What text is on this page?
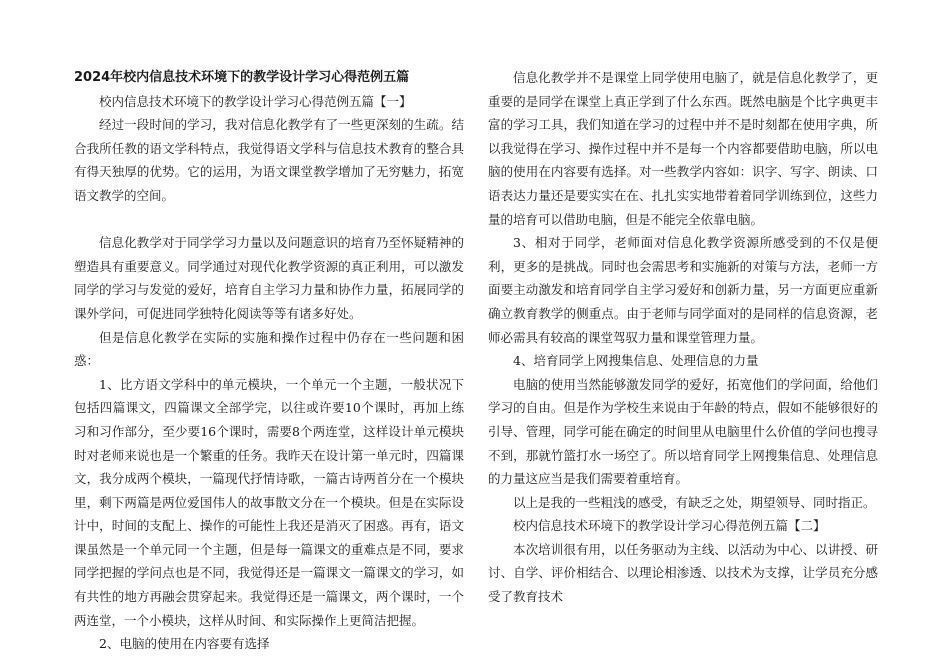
2024年校内信息技术环境下的教学设计学习心得范例五篇

校内信息技术环境下的教学设计学习心得范例五篇【一】

经过一段时间的学习，我对信息化教学有了一些更深刻的生疏。结合我所任教的语文学科特点，我觉得语文学科与信息技术教育的整合具有得天独厚的优势。它的运用，为语文课堂教学增加了无穷魅力，拓宽语文教学的空间。

信息化教学对于同学学习力量以及问题意识的培育乃至怀疑精神的塑造具有重要意义。同学通过对现代化教学资源的真正利用，可以激发同学的学习与发觉的爱好，培育自主学习力量和协作力量，拓展同学的课外学问，可促进同学独特化阅读等等有诸多好处。

但是信息化教学在实际的实施和操作过程中仍存在一些问题和困惑：

1、比方语文学科中的单元模块，一个单元一个主题，一般状况下包括四篇课文，四篇课文全部学完，以往或许要10个课时，再加上练习和习作部分，至少要16个课时，需要8个两连堂，这样设计单元模块时对老师来说也是一个繁重的任务。我昨天在设计第一单元时，四篇课文，我分成两个模块，一篇现代抒情诗歌，一篇古诗两首分在一个模块里，剩下两篇是两位爱国伟人的故事散文分在一个模块。但是在实际设计中，时间的支配上、操作的可能性上我还是消灭了困惑。再有，语文课虽然是一个单元同一个主题，但是每一篇课文的重难点是不同，要求同学把握的学问点也是不同，我觉得还是一篇课文一篇课文的学习，如有共性的地方再融会贯穿起来。我觉得还是一篇课文，两个课时，一个两连堂，一个小模块，这样从时间、和实际操作上更简洁把握。

2、电脑的使用在内容要有选择

信息化教学并不是课堂上同学使用电脑了，就是信息化教学了，更重要的是同学在课堂上真正学到了什么东西。既然电脑是个比字典更丰富的学习工具，我们知道在学习的过程中并不是时刻都在使用字典，所以我觉得在学习、操作过程中并不是每一个内容都要借助电脑，所以电脑的使用在内容要有选择。对一些教学内容如：识字、写字、朗读、口语表达力量还是要实实在在、扎扎实实地带着着同学训练到位，这些力量的培育可以借助电脑，但是不能完全依靠电脑。

3、相对于同学，老师面对信息化教学资源所感受到的不仅是便利，更多的是挑战。同时也会需思考和实施新的对策与方法，老师一方面要主动激发和培育同学自主学习爱好和创新力量，另一方面更应重新确立教育教学的侧重点。由于老师与同学面对的是同样的信息资源，老师必需具有较高的课堂驾驭力量和课堂管理力量。

4、培育同学上网搜集信息、处理信息的力量

电脑的使用当然能够激发同学的爱好，拓宽他们的学问面，给他们学习的自由。但是作为学校生来说由于年龄的特点，假如不能够很好的引导、管理，同学可能在确定的时间里从电脑里什么价值的学问也搜寻不到，那就竹篮打水一场空了。所以培育同学上网搜集信息、处理信息的力量这应当是我们需要着重培育。

以上是我的一些粗浅的感受，有缺乏之处，期望领导、同时指正。

校内信息技术环境下的教学设计学习心得范例五篇【二】

本次培训很有用，以任务驱动为主线、以活动为中心、以讲授、研讨、自学、评价相结合、以理论相渗透、以技术为支撑，让学员充分感受了教育技术
